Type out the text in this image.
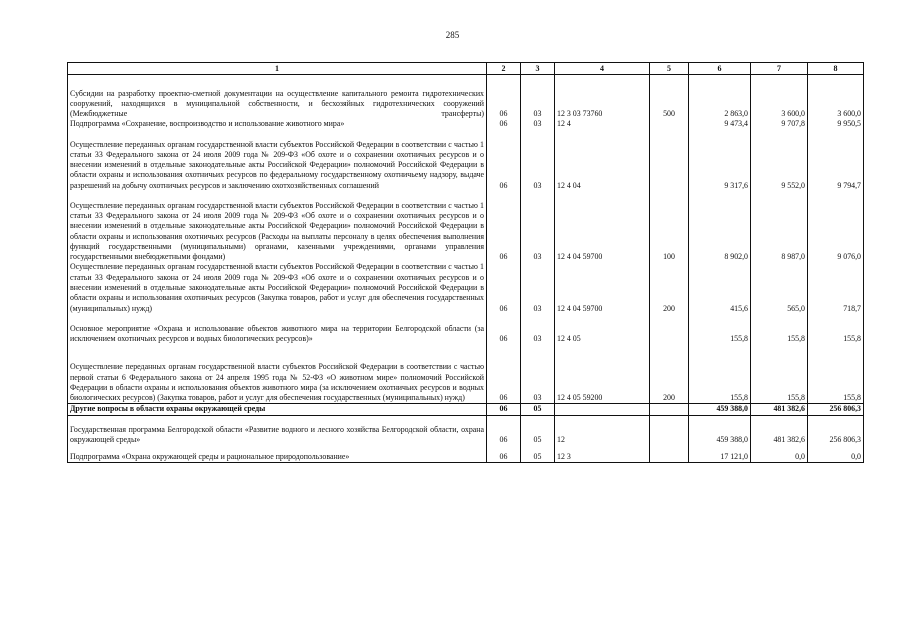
285
1	2	3	4	5	6	7	8

Субсидии на разработку проектно-сметной документации на осуществление капитального ремонта гидротехнических сооружений, находящихся в муниципальной собственности, и бесхозяйных гидротехнических сооружений (Межбюджетные трансферты)	06	03	12 3 03 73760	500	2 863,0	3 600,0	3 600,0
Подпрограмма «Сохранение, воспроизводство и использование животного мира»	06	03	12 4		9 473,4	9 707,8	9 950,5

Осуществление переданных органам государственной власти субъектов Российской Федерации в соответствии с частью 1 статьи 33 Федерального закона от 24 июля 2009 года № 209-ФЗ «Об охоте и о сохранении охотничьих ресурсов и о внесении изменений в отдельные законодательные акты Российской Федерации» полномочий Российской Федерации в области охраны и использования охотничьих ресурсов по федеральному государственному охотничьему надзору, выдаче разрешений на добычу охотничьих ресурсов и заключению охотхозяйственных соглашений	06	03	12 4 04		9 317,6	9 552,0	9 794,7

Осуществление переданных органам государственной власти субъектов Российской Федерации в соответствии с частью 1 статьи 33 Федерального закона от 24 июля 2009 года № 209-ФЗ «Об охоте и о сохранении охотничьих ресурсов и о внесении изменений в отдельные законодательные акты Российской Федерации» полномочий Российской Федерации в области охраны и использования охотничьих ресурсов (Расходы на выплаты персоналу в целях обеспечения выполнения функций государственными (муниципальными) органами, казенными учреждениями, органами управления государственными внебюджетными фондами)	06	03	12 4 04 59700	100	8 902,0	8 987,0	9 076,0
Осуществление переданных органам государственной власти субъектов Российской Федерации в соответствии с частью 1 статьи 33 Федерального закона от 24 июля 2009 года № 209-ФЗ «Об охоте и о сохранении охотничьих ресурсов и о внесении изменений в отдельные законодательные акты Российской Федерации» полномочий Российской Федерации в области охраны и использования охотничьих ресурсов (Закупка товаров, работ и услуг для обеспечения государственных (муниципальных) нужд)	06	03	12 4 04 59700	200	415,6	565,0	718,7

Основное мероприятие «Охрана и использование объектов животного мира на территории Белгородской области (за исключением охотничьих ресурсов и водных биологических ресурсов)»	06	03	12 4 05		155,8	155,8	155,8

Осуществление переданных органам государственной власти субъектов Российской Федерации в соответствии с частью первой статьи 6 Федерального закона от 24 апреля 1995 года № 52-ФЗ «О животном мире» полномочий Российской Федерации в области охраны и использования объектов животного мира (за исключением охотничьих ресурсов и водных биологических ресурсов) (Закупка товаров, работ и услуг для обеспечения государственных (муниципальных) нужд)	06	03	12 4 05 59200	200	155,8	155,8	155,8
Другие вопросы в области охраны окружающей среды	06	05			459 388,0	481 382,6	256 806,3

Государственная программа Белгородской области «Развитие водного и лесного хозяйства Белгородской области, охрана окружающей среды»	06	05	12		459 388,0	481 382,6	256 806,3

Подпрограмма «Охрана окружающей среды и рациональное природопользование»	06	05	12 3		17 121,0	0,0	0,0
